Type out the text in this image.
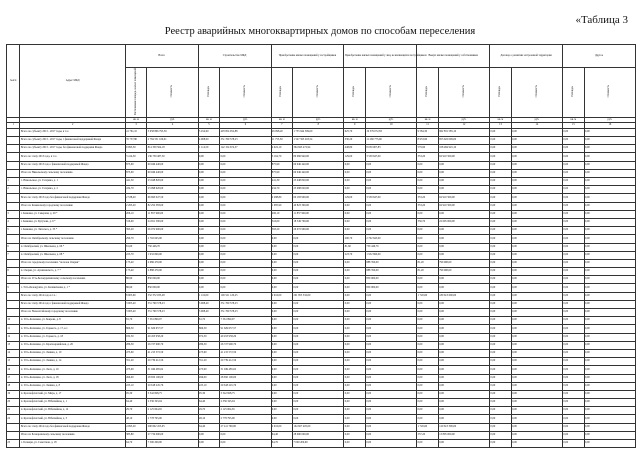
«Таблица 3
Реестр аварийных многоквартирных домов по способам переселения
№п/п	Адрес МКД	Всего		Строительство МКД		Приобретение жилых помещений у застройщиков		Приобретение жилых помещений у лиц, не являющихся застройщиком		Выкуп жилых помещений у собственников		Договор о развитии застроенной территории		Другое	
		Расселяемая площадь жилых помещений	Стоимость	Площадь	Стоимость	Площадь	Стоимость	Площадь	Стоимость	Площадь	Стоимость	Площадь	Стоимость	Площадь	Стоимость
		кв. м	руб.	кв. м	руб.	кв. м	руб.	кв. м	руб.	кв. м	руб.	кв. м	руб.	кв. м	руб.
1	2	3	4	5	6	7	8	9	10	11	12	13	14	15	16
	Всего по субъекту 2013 - 2017 годы, в т.ч.:	41 761,10	3 658 866 795,39	5 454,90	493 854 952,88	26 098,20	1 735 944 569,00	625,70	19 379 072,83	9 584,30	962 831 585,10	0,00	0,00	0,00	0,00
	Всего по субъекту 2013 - 2017 годы, с финансовой поддержкой Фонда	35 757,80	2 784 531 169,01	4 908,00	351 769 578,23	11 755,30	1 547 593 203,54	330,20	11 269 773,00	8 953,90	853 922 099,00	0,00	0,00	0,00	0,00
	Всего по субъекту 2013 - 2017 годы, без финансовой поддержки Фонда	9 993,30	814 359 564,18	1 114,50	142 154 674,37	4 022,10	364 843 472,94	448,80	8 030 007,83	579,90	108 484 945,10	0,00	0,00	0,00	0,00
	Всего по этапу 2013 года, в т.ч.:	3 414,30	136 739 487,50	0,00	0,00	3 164,70	80 066 940,00	129,00	3 539 647,00	353,20	62 910 500,00	0,00	0,00	0,00	0,00
	Всего по этапу 2013 года с финансовой поддержкой Фонда	875,90	69 046 440,00	0,00	0,00	875,90	69 046 440,00	0,00	0,00	0,00	0,00	0,00	0,00	0,00	0,00
	Итого по Никольскому сельскому поселению	875,90	69 046 440,00	0,00	0,00	875,90	69 046 440,00	0,00	0,00	0,00	0,00	0,00	0,00	0,00	0,00
1	с. Никольское, ул. Гагарина, д. 1	441,30	23 048 820,00	0,00	0,00	441,30	23 048 820,00	0,00	0,00	0,00	0,00	0,00	0,00	0,00	0,00
2	с. Никольское, ул. Гагарина, д. 2	434,70	23 098 620,00	0,00	0,00	434,70	23 098 620,00	0,00	0,00	0,00	0,00	0,00	0,00	0,00	0,00
	Всего по этапу 2013 года без финансовой поддержки Фонда	2 538,40	66 693 047,50	0,00	0,00	2 288,80	60 183 900,00	129,00	3 539 647,00	353,20	62 910 500,00	0,00	0,00	0,00	0,00
	Итого по Каменскому городскому поселению	2 265,20	82 252 383,00	0,00	0,00	1 085,90	40 823 300,00	0,00	0,00	353,20	62 910 500,00	0,00	0,00	0,00	0,00
3	г. Каменка, ул. Северная, д. 29 *	206,10	11 857 900,00	0,00	0,00	206,10	11 857 900,00	0,00	0,00	0,00	0,00	0,00	0,00	0,00	0,00
4	г. Каменка, ул. Кутузова, д. 6 *	316,00	24 651 500,00	0,00	0,00	316,00	18 549 700,00	0,00	0,00	356,70	22 695 000,00	0,00	0,00	0,00	0,00
5	г. Каменка, ул. Энгельса, д. 35 *	393,20	26 072 900,00	0,00	0,00	393,20	26 072 900,00	0,00	0,00	0,00	0,00	0,00	0,00	0,00	0,00
	Итого по Октябрьскому сельскому поселению	290,70	2 702 645,00	0,00	0,00	0,00	0,00	290,70	2 702 645,00	0,00	0,00	0,00	0,00	0,00	0,00
6	п. Октябрьский, ул. Школьная, д. 66 *	81,60	750 446,70	0,00	0,00	0,00	0,00	81,60	750 446,70	0,00	0,00	0,00	0,00	0,00	0,00
7	п. Октябрьский, ул. Школьная, д. 68 *	223,70	1 932 690,00	0,00	0,00	0,00	0,00	223,70	1 952 690,00	0,00	0,00	0,00	0,00	0,00	0,00
	Итого по городскому поселению "поселок Озерки"	173,40	2 686 470,00	0,00	0,00	0,00	0,00	0,00	888 350,00	81,20	790 000,00	0,00	0,00	0,00	0,00
8	п. Озерки, ул. Архиповского, д. 7 *	173,40	2 888 470,00	0,00	0,00	0,00	0,00	0,00	888 350,00	81,20	790 000,00	0,00	0,00	0,00	0,00
	Итого по Усть-Белокурихинскому сельскому поселению	86,90	850 000,00	0,00	0,00	0,00	0,00	0,00	850 000,00	0,00	0,00	0,00	0,00	0,00	0,00
9	с. Усть-Белокуриха, ул. Калиниченко д. 1 *	86,90	850 000,00	0,00	0,00	0,00	0,00	0,00	850 000,00	0,00	0,00	0,00	0,00	0,00	0,00
	Всего по этапу 2014 года в т.ч.:	8 903,60	552 372 033,28	1 116,00	199 521 120,25	2 916,00	201 855 332,00	0,00	0,00	1 720,60	180 613 600,00	0,00	0,00	0,00	0,00
	Всего по этапу 2014 года с финансовой поддержкой Фонда	3 905,40	351 769 578,23	3 908,40	351 769 578,23	0,00	0,00	0,00	0,00	0,00	0,00	0,00	0,00	0,00	0,00
	Итого по Новоалтайскому городскому поселению	3 905,40	351 769 578,23	3 908,40	351 769 578,23	0,00	0,00	0,00	0,00	0,00	0,00	0,00	0,00	0,00	0,00
10	п. Усть-Калманка, ул. Боярова, д. 8	81,70	7 361 890,97	81,70	7 361 890,97	0,00	0,00	0,00	0,00	0,00	0,00	0,00	0,00	0,00	0,00
11	п. Усть-Калманка, ул. Горького, д. 17, к.1	866,50	91 629 657,57	866,50	91 629 657,57	0,00	0,00	0,00	0,00	0,00	0,00	0,00	0,00	0,00	0,00
12	п. Усть-Калманка, ул. Горького, д. 18	932,30	49 453 958,29	972,30	49 453 958,29	0,00	0,00	0,00	0,00	0,00	0,00	0,00	0,00	0,00	0,00
13	п. Усть-Калманка, ул. Красноармейская, д. 26	286,30	26 727 990,79	286,30	26 727 990,79	0,00	0,00	0,00	0,00	0,00	0,00	0,00	0,00	0,00	0,00
14	п. Усть-Калманка, ул. Ленина, д. 10	473,60	41 215 572,59	473,60	41 215 572,59	0,00	0,00	0,00	0,00	0,00	0,00	0,00	0,00	0,00	0,00
15	п. Усть-Калманка, ул. Ленина, д. 14	351,20	29 739 412,56	351,20	29 739 412,56	0,00	0,00	0,00	0,00	0,00	0,00	0,00	0,00	0,00	0,00
16	п. Усть-Калманка, ул. Лесн, д. 10	475,90	31 049 485,62	475,90	31 049 485,62	0,00	0,00	0,00	0,00	0,00	0,00	0,00	0,00	0,00	0,00
17	п. Усть-Калманка, ул. Лесн, д. 18	496,00	28 650 100,00	496,00	28 650 100,00	0,00	0,00	0,00	0,00	0,00	0,00	0,00	0,00	0,00	0,00
18	п. Усть-Калманка, ул. Ленина, д. 8	225,10	20 618 245,76	225,10	20 618 245,76	0,00	0,00	0,00	0,00	0,00	0,00	0,00	0,00	0,00	0,00
19	п. Краснофлотский, ул. Мира, д. 17	95,30	3 342 828,75	95,30	3 342 828,75	0,00	0,00	0,00	0,00	0,00	0,00	0,00	0,00	0,00	0,00
20	п. Краснофлотский, ул. Юбилейная, д. 1	64,40	2 336 343,04	64,40	2 336 343,04	0,00	0,00	0,00	0,00	0,00	0,00	0,00	0,00	0,00	0,00
21	п. Краснофлотский, ул. Юбилейная, д. 12	29,70	2 125 604,65	29,70	2 125 604,65	0,00	0,00	0,00	0,00	0,00	0,00	0,00	0,00	0,00	0,00
22	п. Краснофлотский, ул. Юбилейная, д. 3	48,10	2 778 795,00	48,10	2 778 795,00	0,00	0,00	0,00	0,00	0,00	0,00	0,00	0,00	0,00	0,00
	Всего по этапу 2014 года без финансовой поддержки Фонда	4 995,20	200 602 455,05	64,40	27 411 790,00	2 916,00	164 827 405,00	0,00	0,00	1 720,60	120 613 300,00	0,00	0,00	0,00	0,00
	Итого по Бочкаревскому сельскому поселению	383,80	27 734 000,00	0,00	0,00	64,40	28 000 000,00	0,00	0,00	337,20	13 895 000,00	0,00	0,00	0,00	0,00
23	с. Бочкари, ул. Советская, д. 18	64,70	7 500 200,00	0,00	0,00	64,70	7 000 200,00	0,00	0,00	0,00	0,00	0,00	0,00	0,00	0,00
